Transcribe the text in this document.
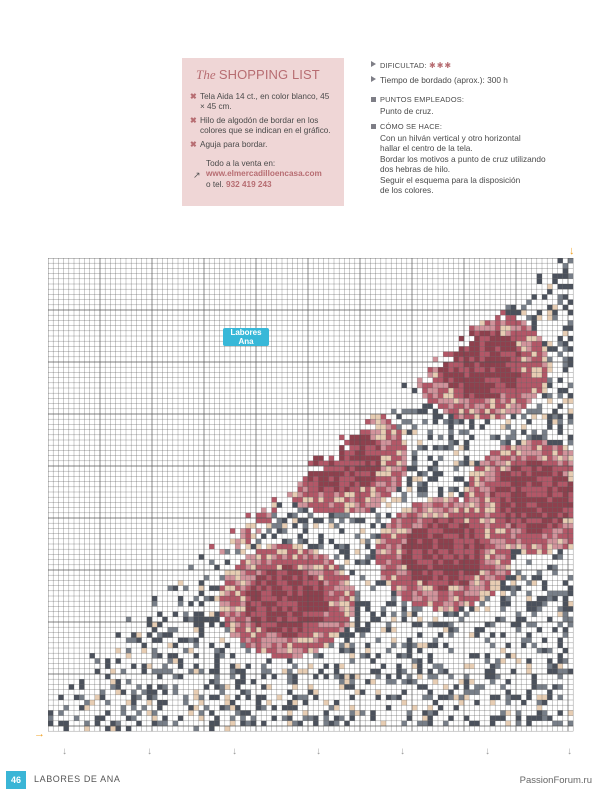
The SHOPPING LIST
✖ Tela Aida 14 ct., en color blanco, 45 × 45 cm.
✖ Hilo de algodón de bordar en los colores que se indican en el gráfico.
✖ Aguja para bordar.
↗
Todo a la venta en:
www.elmercadilloencasa.com
o tel. 932 419 243
DIFICULTAD: ✱✱✱
Tiempo de bordado (aprox.): 300 h
PUNTOS EMPLEADOS:
Punto de cruz.
CÓMO SE HACE:
Con un hilván vertical y otro horizontal
hallar el centro de la tela.
Bordar los motivos a punto de cruz utilizando
dos hebras de hilo.
Seguir el esquema para la disposición
de los colores.
↓
→
↓	↓	↓	↓	↓	↓	↓
Labores
Ana
46	LABORES DE ANA	PassionForum.ru
